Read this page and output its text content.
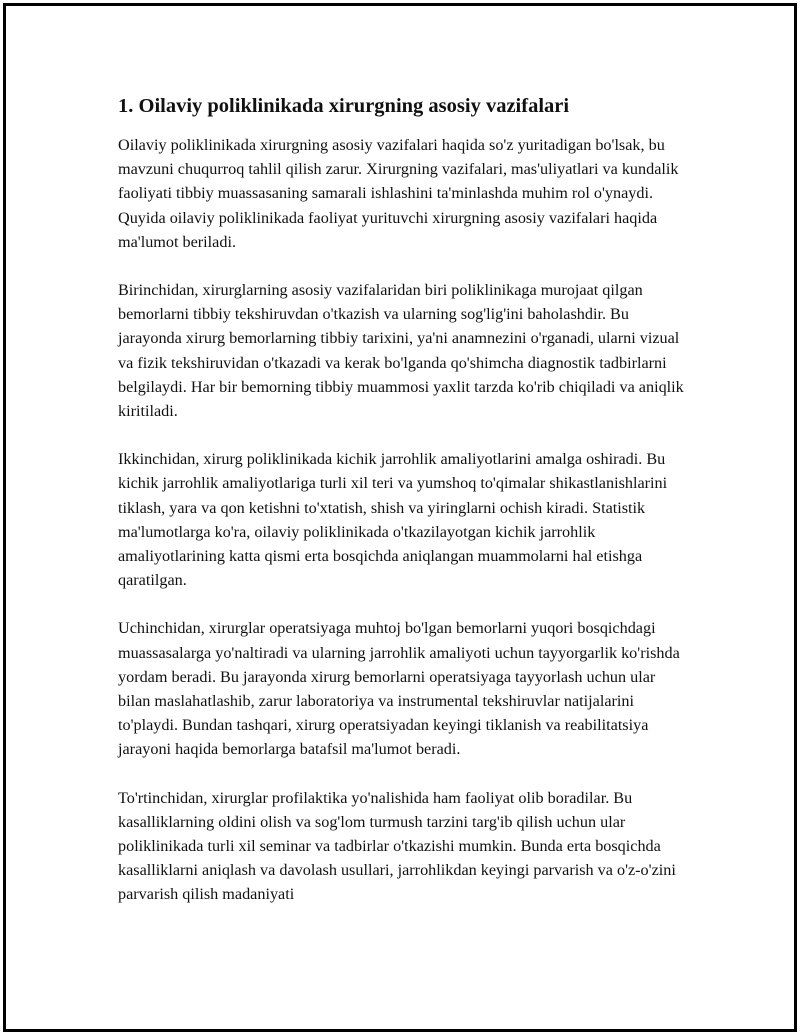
1. Oilaviy poliklinikada xirurgning asosiy vazifalari

Oilaviy poliklinikada xirurgning asosiy vazifalari haqida so'z yuritadigan bo'lsak, bu mavzuni chuqurroq tahlil qilish zarur. Xirurgning vazifalari, mas'uliyatlari va kundalik faoliyati tibbiy muassasaning samarali ishlashini ta'minlashda muhim rol o'ynaydi. Quyida oilaviy poliklinikada faoliyat yurituvchi xirurgning asosiy vazifalari haqida ma'lumot beriladi.

Birinchidan, xirurglarning asosiy vazifalaridan biri poliklinikaga murojaat qilgan bemorlarni tibbiy tekshiruvdan o'tkazish va ularning sog'lig'ini baholashdir. Bu jarayonda xirurg bemorlarning tibbiy tarixini, ya'ni anamnezini o'rganadi, ularni vizual va fizik tekshiruvidan o'tkazadi va kerak bo'lganda qo'shimcha diagnostik tadbirlarni belgilaydi. Har bir bemorning tibbiy muammosi yaxlit tarzda ko'rib chiqiladi va aniqlik kiritiladi.

Ikkinchidan, xirurg poliklinikada kichik jarrohlik amaliyotlarini amalga oshiradi. Bu kichik jarrohlik amaliyotlariga turli xil teri va yumshoq to'qimalar shikastlanishlarini tiklash, yara va qon ketishni to'xtatish, shish va yiringlarni ochish kiradi. Statistik ma'lumotlarga ko'ra, oilaviy poliklinikada o'tkazilayotgan kichik jarrohlik amaliyotlarining katta qismi erta bosqichda aniqlangan muammolarni hal etishga qaratilgan.

Uchinchidan, xirurglar operatsiyaga muhtoj bo'lgan bemorlarni yuqori bosqichdagi muassasalarga yo'naltiradi va ularning jarrohlik amaliyoti uchun tayyorgarlik ko'rishda yordam beradi. Bu jarayonda xirurg bemorlarni operatsiyaga tayyorlash uchun ular bilan maslahatlashib, zarur laboratoriya va instrumental tekshiruvlar natijalarini to'playdi. Bundan tashqari, xirurg operatsiyadan keyingi tiklanish va reabilitatsiya jarayoni haqida bemorlarga batafsil ma'lumot beradi.

To'rtinchidan, xirurglar profilaktika yo'nalishida ham faoliyat olib boradilar. Bu kasalliklarning oldini olish va sog'lom turmush tarzini targ'ib qilish uchun ular poliklinikada turli xil seminar va tadbirlar o'tkazishi mumkin. Bunda erta bosqichda kasalliklarni aniqlash va davolash usullari, jarrohlikdan keyingi parvarish va o'z-o'zini parvarish qilish madaniyati
